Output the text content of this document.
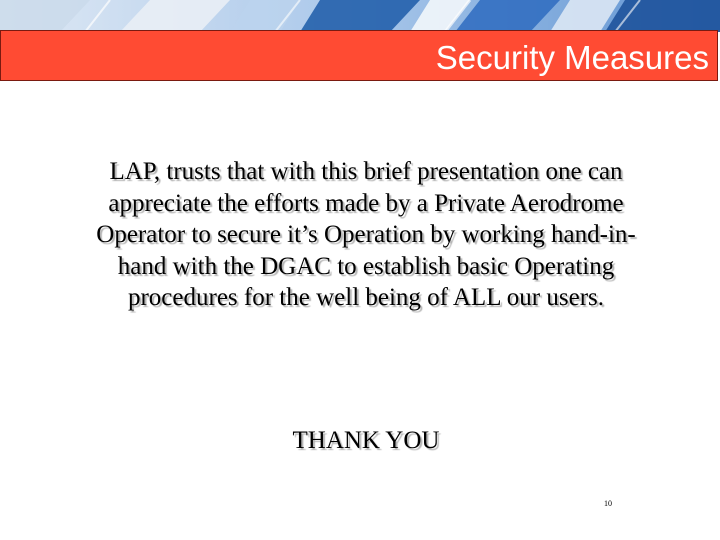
Security Measures
LAP, trusts that with this brief presentation one can appreciate the efforts made by a Private Aerodrome Operator to secure it’s Operation by working hand-in-hand with the DGAC to establish basic Operating procedures for the well being of ALL our users.
THANK YOU
10
